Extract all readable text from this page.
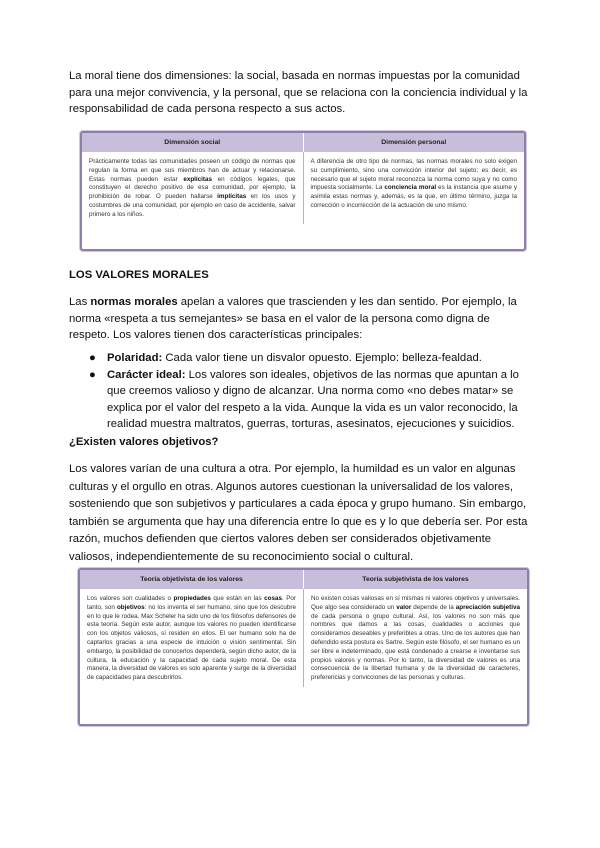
La moral tiene dos dimensiones: la social, basada en normas impuestas por la comunidad para una mejor convivencia, y la personal, que se relaciona con la conciencia individual y la responsabilidad de cada persona respecto a sus actos.

Dimensión social	Dimensión personal
Prácticamente todas las comunidades poseen un código de normas que regulan la forma en que sus miembros han de actuar y relacionarse. Estas normas pueden estar explícitas en códigos legales, que constituyen el derecho positivo de esa comunidad, por ejemplo, la prohibición de robar. O pueden hallarse implícitas en los usos y costumbres de una comunidad, por ejemplo en caso de accidente, salvar primero a los niños.
A diferencia de otro tipo de normas, las normas morales no solo exigen su cumplimiento, sino una convicción interior del sujeto; es decir, es necesario que el sujeto moral reconozca la norma como suya y no como impuesta socialmente. La conciencia moral es la instancia que asume y asimila estas normas y, además, es la que, en último término, juzga la corrección o incorrección de la actuación de uno mismo.

LOS VALORES MORALES

Las normas morales apelan a valores que trascienden y les dan sentido. Por ejemplo, la norma «respeta a tus semejantes» se basa en el valor de la persona como digna de respeto. Los valores tienen dos características principales:

● Polaridad: Cada valor tiene un disvalor opuesto. Ejemplo: belleza-fealdad.
● Carácter ideal: Los valores son ideales, objetivos de las normas que apuntan a lo que creemos valioso y digno de alcanzar. Una norma como «no debes matar» se explica por el valor del respeto a la vida. Aunque la vida es un valor reconocido, la realidad muestra maltratos, guerras, torturas, asesinatos, ejecuciones y suicidios.

¿Existen valores objetivos?

Los valores varían de una cultura a otra. Por ejemplo, la humildad es un valor en algunas culturas y el orgullo en otras. Algunos autores cuestionan la universalidad de los valores, sosteniendo que son subjetivos y particulares a cada época y grupo humano. Sin embargo, también se argumenta que hay una diferencia entre lo que es y lo que debería ser. Por esta razón, muchos defienden que ciertos valores deben ser considerados objetivamente valiosos, independientemente de su reconocimiento social o cultural.

Teoría objetivista de los valores	Teoría subjetivista de los valores
Los valores son cualidades o propiedades que están en las cosas. Por tanto, son objetivos: no los inventa el ser humano, sino que los descubre en lo que le rodea. Max Scheler ha sido uno de los filósofos defensores de esta teoría. Según este autor, aunque los valores no pueden identificarse con los objetos valiosos, sí residen en ellos. El ser humano solo ha de captarlos gracias a una especie de intuición o visión sentimental. Sin embargo, la posibilidad de conocerlos dependerá, según dicho autor, de la cultura, la educación y la capacidad de cada sujeto moral. De esta manera, la diversidad de valores es solo aparente y surge de la diversidad de capacidades para descubrirlos.
No existen cosas valiosas en sí mismas ni valores objetivos y universales. Que algo sea considerado un valor depende de la apreciación subjetiva de cada persona o grupo cultural. Así, los valores no son más que nombres que damos a las cosas, cualidades o acciones que consideramos deseables y preferibles a otras. Uno de los autores que han defendido esta postura es Sartre. Según este filósofo, el ser humano es un ser libre e indeterminado, que está condenado a crearse e inventarse sus propios valores y normas. Por lo tanto, la diversidad de valores es una consecuencia de la libertad humana y de la diversidad de caracteres, preferencias y convicciones de las personas y culturas.
